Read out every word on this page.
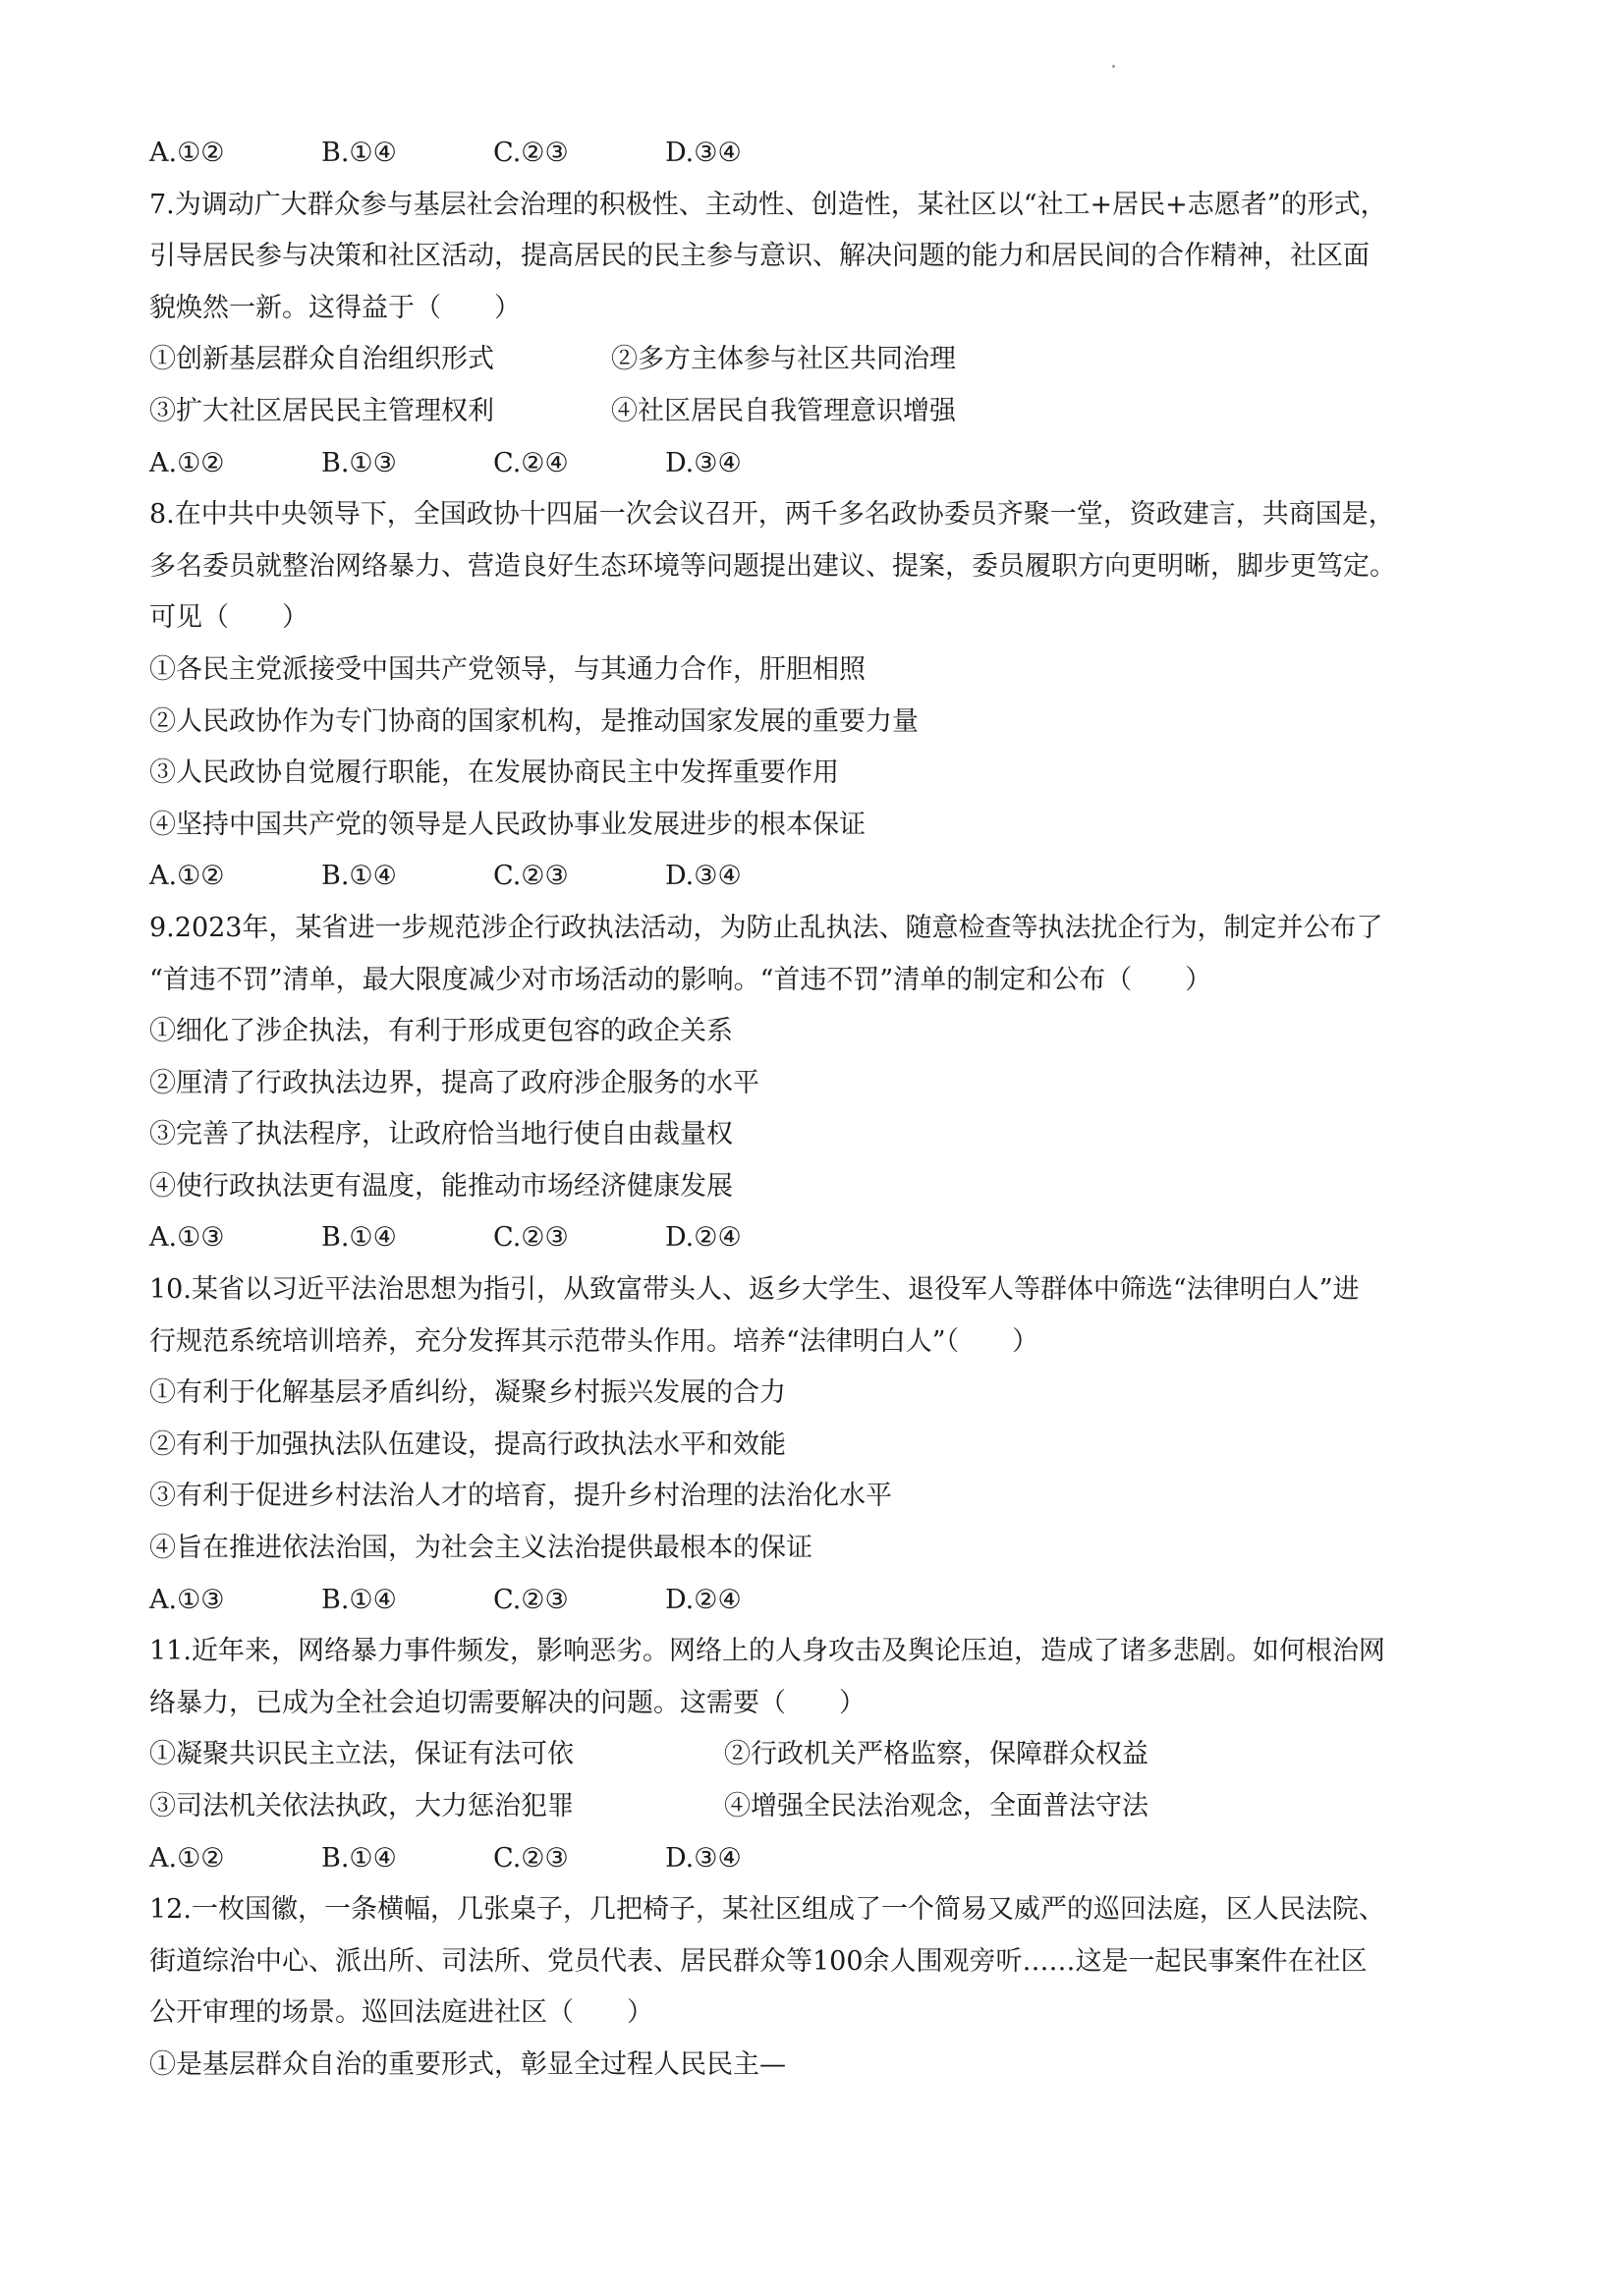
A.①②	B.①④	C.②③	D.③④
7.为调动广大群众参与基层社会治理的积极性、主动性、创造性，某社区以“社工+居民+志愿者”的形式，
引导居民参与决策和社区活动，提高居民的民主参与意识、解决问题的能力和居民间的合作精神，社区面
貌焕然一新。这得益于（　　）
①创新基层群众自治组织形式	②多方主体参与社区共同治理
③扩大社区居民民主管理权利	④社区居民自我管理意识增强
A.①②	B.①③	C.②④	D.③④
8.在中共中央领导下，全国政协十四届一次会议召开，两千多名政协委员齐聚一堂，资政建言，共商国是，
多名委员就整治网络暴力、营造良好生态环境等问题提出建议、提案，委员履职方向更明晰，脚步更笃定。
可见（　　）
①各民主党派接受中国共产党领导，与其通力合作，肝胆相照
②人民政协作为专门协商的国家机构，是推动国家发展的重要力量
③人民政协自觉履行职能，在发展协商民主中发挥重要作用
④坚持中国共产党的领导是人民政协事业发展进步的根本保证
A.①②	B.①④	C.②③	D.③④
9.2023年，某省进一步规范涉企行政执法活动，为防止乱执法、随意检查等执法扰企行为，制定并公布了
“首违不罚”清单，最大限度减少对市场活动的影响。“首违不罚”清单的制定和公布（　　）
①细化了涉企执法，有利于形成更包容的政企关系
②厘清了行政执法边界，提高了政府涉企服务的水平
③完善了执法程序，让政府恰当地行使自由裁量权
④使行政执法更有温度，能推动市场经济健康发展
A.①③	B.①④	C.②③	D.②④
10.某省以习近平法治思想为指引，从致富带头人、返乡大学生、退役军人等群体中筛选“法律明白人”进
行规范系统培训培养，充分发挥其示范带头作用。培养“法律明白人”（　　）
①有利于化解基层矛盾纠纷，凝聚乡村振兴发展的合力
②有利于加强执法队伍建设，提高行政执法水平和效能
③有利于促进乡村法治人才的培育，提升乡村治理的法治化水平
④旨在推进依法治国，为社会主义法治提供最根本的保证
A.①③	B.①④	C.②③	D.②④
11.近年来，网络暴力事件频发，影响恶劣。网络上的人身攻击及舆论压迫，造成了诸多悲剧。如何根治网
络暴力，已成为全社会迫切需要解决的问题。这需要（　　）
①凝聚共识民主立法，保证有法可依	②行政机关严格监察，保障群众权益
③司法机关依法执政，大力惩治犯罪	④增强全民法治观念，全面普法守法
A.①②	B.①④	C.②③	D.③④
12.一枚国徽，一条横幅，几张桌子，几把椅子，某社区组成了一个简易又威严的巡回法庭，区人民法院、
街道综治中心、派出所、司法所、党员代表、居民群众等100余人围观旁听……这是一起民事案件在社区
公开审理的场景。巡回法庭进社区（　　）
①是基层群众自治的重要形式，彰显全过程人民民主—
